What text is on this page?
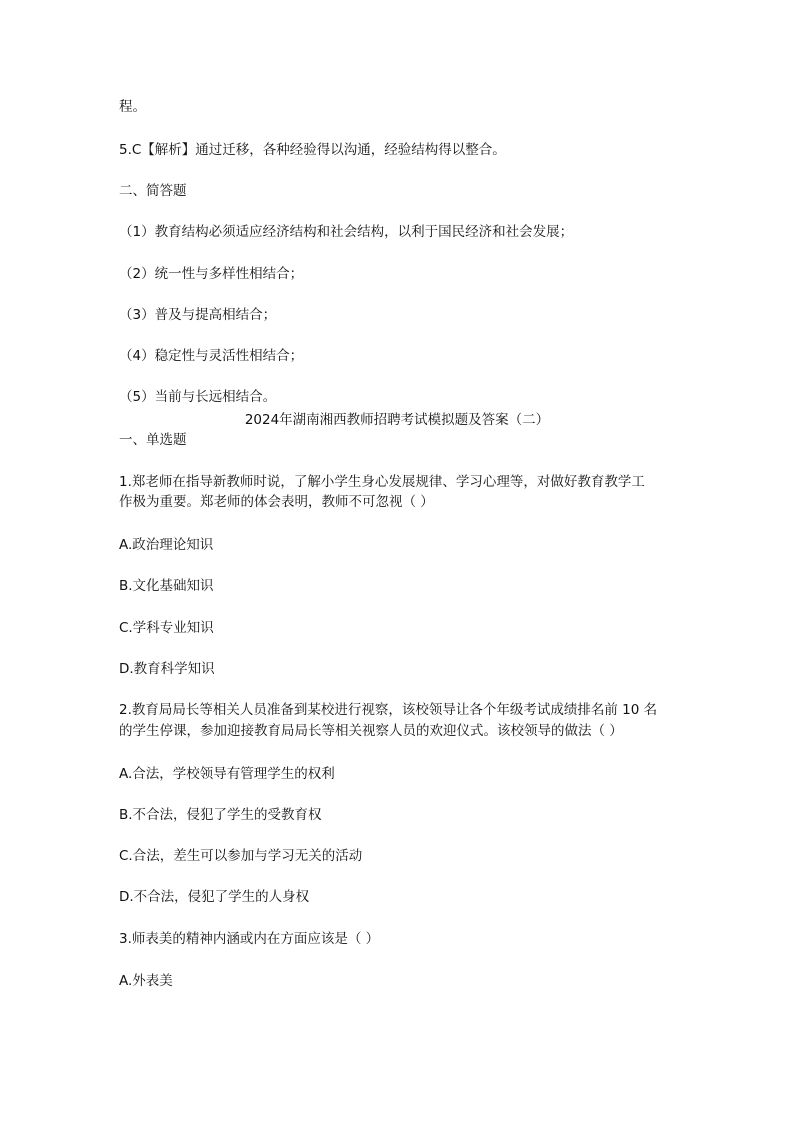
程。
5.C【解析】通过迁移，各种经验得以沟通，经验结构得以整合。
二、简答题
（1）教育结构必须适应经济结构和社会结构，以利于国民经济和社会发展；
（2）统一性与多样性相结合；
（3）普及与提高相结合；
（4）稳定性与灵活性相结合；
（5）当前与长远相结合。
2024年湖南湘西教师招聘考试模拟题及答案（二）
一、单选题
1.郑老师在指导新教师时说，了解小学生身心发展规律、学习心理等，对做好教育教学工
作极为重要。郑老师的体会表明，教师不可忽视（ ）
A.政治理论知识
B.文化基础知识
C.学科专业知识
D.教育科学知识
2.教育局局长等相关人员准备到某校进行视察，该校领导让各个年级考试成绩排名前 10 名
的学生停课，参加迎接教育局局长等相关视察人员的欢迎仪式。该校领导的做法（ ）
A.合法，学校领导有管理学生的权利
B.不合法，侵犯了学生的受教育权
C.合法，差生可以参加与学习无关的活动
D.不合法，侵犯了学生的人身权
3.师表美的精神内涵或内在方面应该是（ ）
A.外表美
